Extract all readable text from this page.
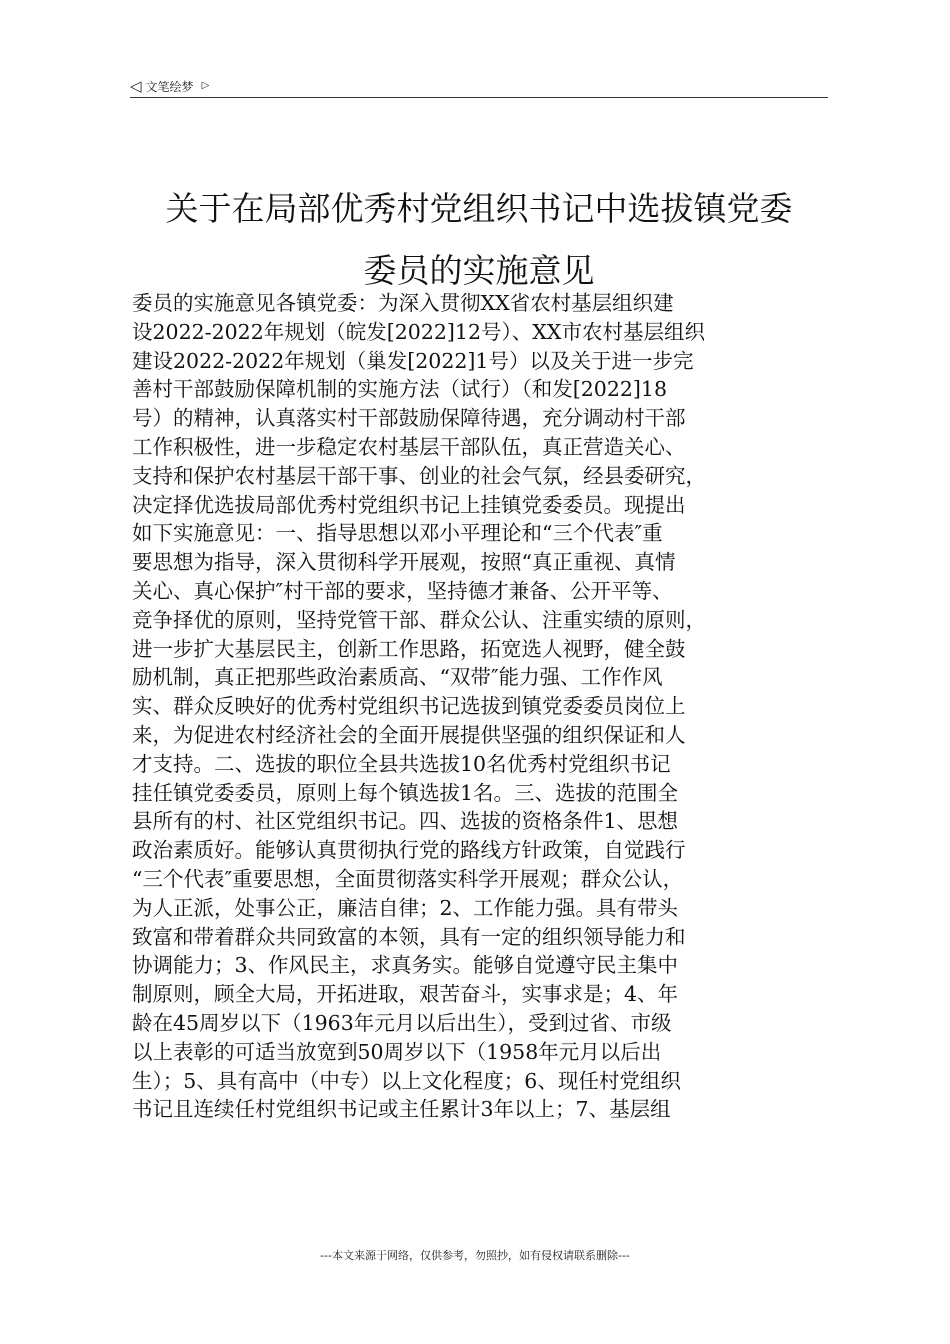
◁ 文笔绘梦 ▷
关于在局部优秀村党组织书记中选拔镇党委
委员的实施意见
委员的实施意见各镇党委：为深入贯彻XX省农村基层组织建
设2022-2022年规划（皖发[2022]12号）、XX市农村基层组织
建设2022-2022年规划（巢发[2022]1号）以及关于进一步完
善村干部鼓励保障机制的实施方法（试行）（和发[2022]18
号）的精神，认真落实村干部鼓励保障待遇，充分调动村干部
工作积极性，进一步稳定农村基层干部队伍，真正营造关心、
支持和保护农村基层干部干事、创业的社会气氛，经县委研究，
决定择优选拔局部优秀村党组织书记上挂镇党委委员。现提出
如下实施意见：一、指导思想以邓小平理论和“三个代表″重
要思想为指导，深入贯彻科学开展观，按照“真正重视、真情
关心、真心保护″村干部的要求，坚持德才兼备、公开平等、
竞争择优的原则，坚持党管干部、群众公认、注重实绩的原则，
进一步扩大基层民主，创新工作思路，拓宽选人视野，健全鼓
励机制，真正把那些政治素质高、“双带″能力强、工作作风
实、群众反映好的优秀村党组织书记选拔到镇党委委员岗位上
来，为促进农村经济社会的全面开展提供坚强的组织保证和人
才支持。二、选拔的职位全县共选拔10名优秀村党组织书记
挂任镇党委委员，原则上每个镇选拔1名。三、选拔的范围全
县所有的村、社区党组织书记。四、选拔的资格条件1、思想
政治素质好。能够认真贯彻执行党的路线方针政策，自觉践行
“三个代表″重要思想，全面贯彻落实科学开展观；群众公认，
为人正派，处事公正，廉洁自律；2、工作能力强。具有带头
致富和带着群众共同致富的本领，具有一定的组织领导能力和
协调能力；3、作风民主，求真务实。能够自觉遵守民主集中
制原则，顾全大局，开拓进取，艰苦奋斗，实事求是；4、年
龄在45周岁以下（1963年元月以后出生），受到过省、市级
以上表彰的可适当放宽到50周岁以下（1958年元月以后出
生）；5、具有高中（中专）以上文化程度；6、现任村党组织
书记且连续任村党组织书记或主任累计3年以上；7、基层组
---本文来源于网络，仅供参考，勿照抄，如有侵权请联系删除---
